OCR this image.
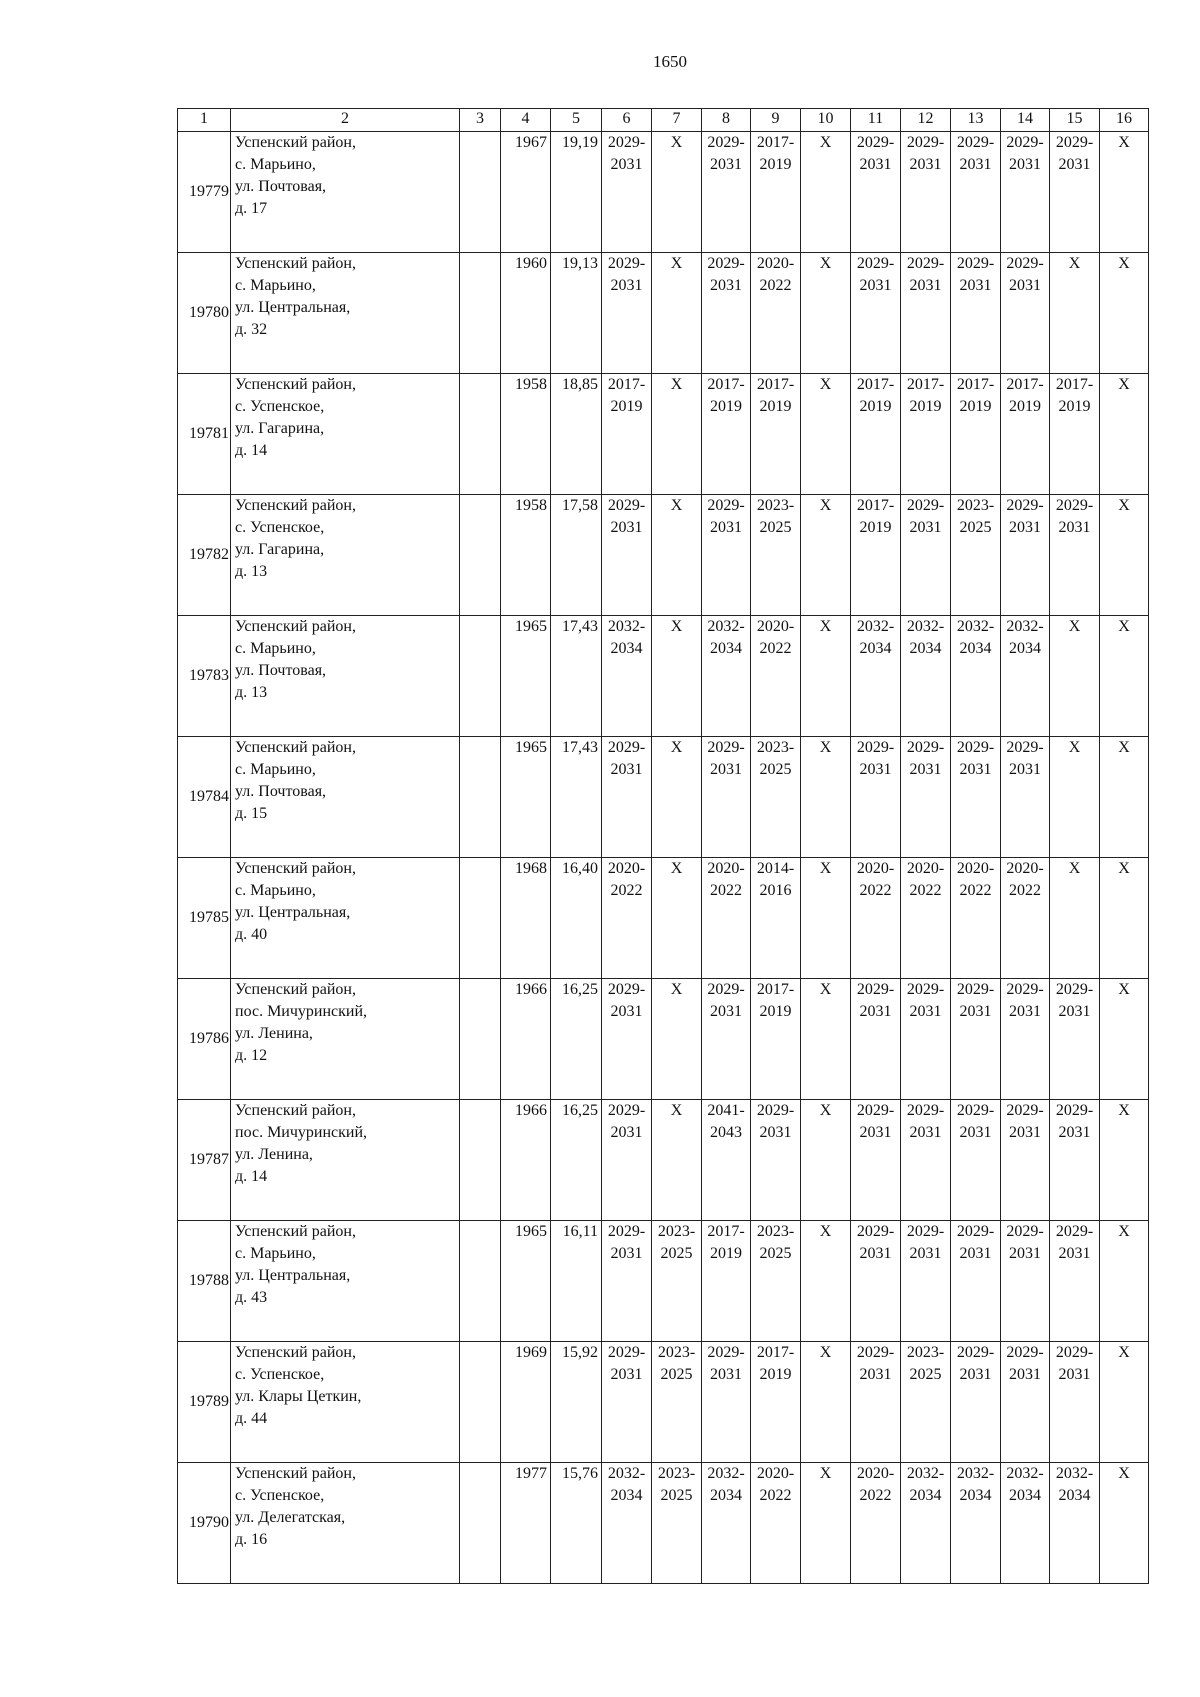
1650
1	2	3	4	5	6	7	8	9	10	11	12	13	14	15	16
19779	Успенский район,
с. Марьино,
ул. Почтовая,
д. 17		1967	19,19	2029-
2031	X	2029-
2031	2017-
2019	X	2029-
2031	2029-
2031	2029-
2031	2029-
2031	2029-
2031	X
19780	Успенский район,
с. Марьино,
ул. Центральная,
д. 32		1960	19,13	2029-
2031	X	2029-
2031	2020-
2022	X	2029-
2031	2029-
2031	2029-
2031	2029-
2031	X	X
19781	Успенский район,
с. Успенское,
ул. Гагарина,
д. 14		1958	18,85	2017-
2019	X	2017-
2019	2017-
2019	X	2017-
2019	2017-
2019	2017-
2019	2017-
2019	2017-
2019	X
19782	Успенский район,
с. Успенское,
ул. Гагарина,
д. 13		1958	17,58	2029-
2031	X	2029-
2031	2023-
2025	X	2017-
2019	2029-
2031	2023-
2025	2029-
2031	2029-
2031	X
19783	Успенский район,
с. Марьино,
ул. Почтовая,
д. 13		1965	17,43	2032-
2034	X	2032-
2034	2020-
2022	X	2032-
2034	2032-
2034	2032-
2034	2032-
2034	X	X
19784	Успенский район,
с. Марьино,
ул. Почтовая,
д. 15		1965	17,43	2029-
2031	X	2029-
2031	2023-
2025	X	2029-
2031	2029-
2031	2029-
2031	2029-
2031	X	X
19785	Успенский район,
с. Марьино,
ул. Центральная,
д. 40		1968	16,40	2020-
2022	X	2020-
2022	2014-
2016	X	2020-
2022	2020-
2022	2020-
2022	2020-
2022	X	X
19786	Успенский район,
пос. Мичуринский,
ул. Ленина,
д. 12		1966	16,25	2029-
2031	X	2029-
2031	2017-
2019	X	2029-
2031	2029-
2031	2029-
2031	2029-
2031	2029-
2031	X
19787	Успенский район,
пос. Мичуринский,
ул. Ленина,
д. 14		1966	16,25	2029-
2031	X	2041-
2043	2029-
2031	X	2029-
2031	2029-
2031	2029-
2031	2029-
2031	2029-
2031	X
19788	Успенский район,
с. Марьино,
ул. Центральная,
д. 43		1965	16,11	2029-
2031	2023-
2025	2017-
2019	2023-
2025	X	2029-
2031	2029-
2031	2029-
2031	2029-
2031	2029-
2031	X
19789	Успенский район,
с. Успенское,
ул. Клары Цеткин,
д. 44		1969	15,92	2029-
2031	2023-
2025	2029-
2031	2017-
2019	X	2029-
2031	2023-
2025	2029-
2031	2029-
2031	2029-
2031	X
19790	Успенский район,
с. Успенское,
ул. Делегатская,
д. 16		1977	15,76	2032-
2034	2023-
2025	2032-
2034	2020-
2022	X	2020-
2022	2032-
2034	2032-
2034	2032-
2034	2032-
2034	X
